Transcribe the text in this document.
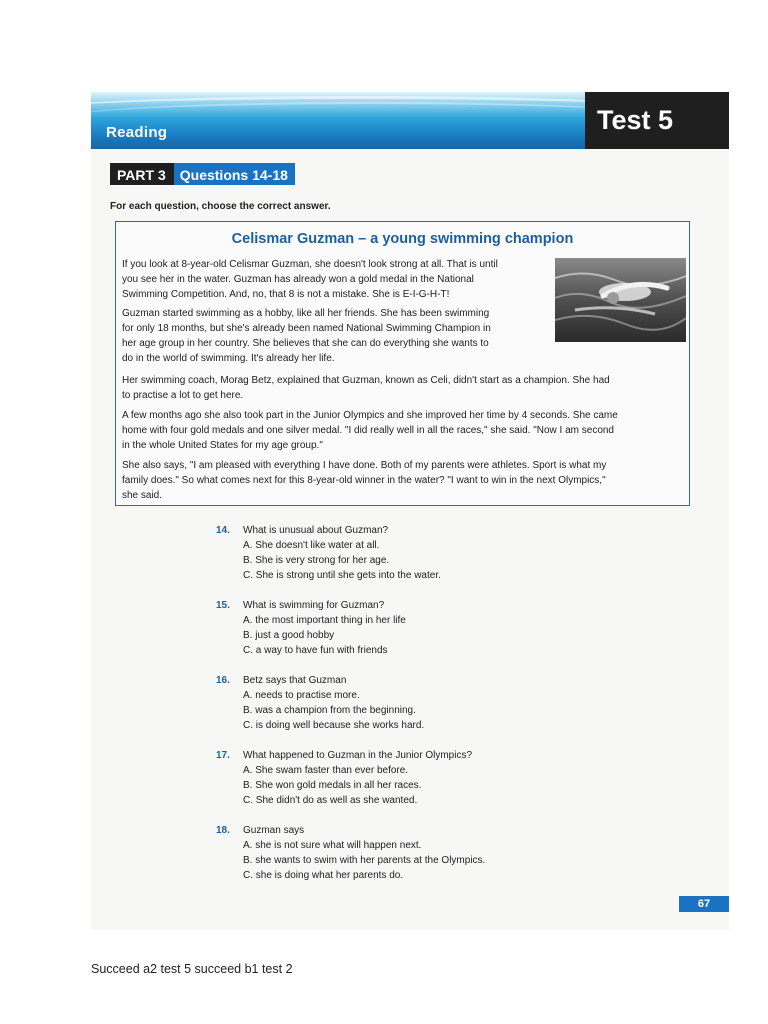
Reading	Test 5
PART 3	Questions 14-18
For each question, choose the correct answer.
Celismar Guzman – a young swimming champion
If you look at 8-year-old Celismar Guzman, she doesn't look strong at all. That is until
you see her in the water. Guzman has already won a gold medal in the National
Swimming Competition. And, no, that 8 is not a mistake. She is E-I-G-H-T!
Guzman started swimming as a hobby, like all her friends. She has been swimming
for only 18 months, but she's already been named National Swimming Champion in
her age group in her country. She believes that she can do everything she wants to
do in the world of swimming. It's already her life.
Her swimming coach, Morag Betz, explained that Guzman, known as Celi, didn't start as a champion. She had
to practise a lot to get here.
A few months ago she also took part in the Junior Olympics and she improved her time by 4 seconds. She came
home with four gold medals and one silver medal. "I did really well in all the races," she said. "Now I am second
in the whole United States for my age group."
She also says, "I am pleased with everything I have done. Both of my parents were athletes. Sport is what my
family does." So what comes next for this 8-year-old winner in the water? "I want to win in the next Olympics,"
she said.
14. What is unusual about Guzman?
A. She doesn't like water at all.
B. She is very strong for her age.
C. She is strong until she gets into the water.
15. What is swimming for Guzman?
A. the most important thing in her life
B. just a good hobby
C. a way to have fun with friends
16. Betz says that Guzman
A. needs to practise more.
B. was a champion from the beginning.
C. is doing well because she works hard.
17. What happened to Guzman in the Junior Olympics?
A. She swam faster than ever before.
B. She won gold medals in all her races.
C. She didn't do as well as she wanted.
18. Guzman says
A. she is not sure what will happen next.
B. she wants to swim with her parents at the Olympics.
C. she is doing what her parents do.
67
Succeed a2 test 5 succeed b1 test 2
